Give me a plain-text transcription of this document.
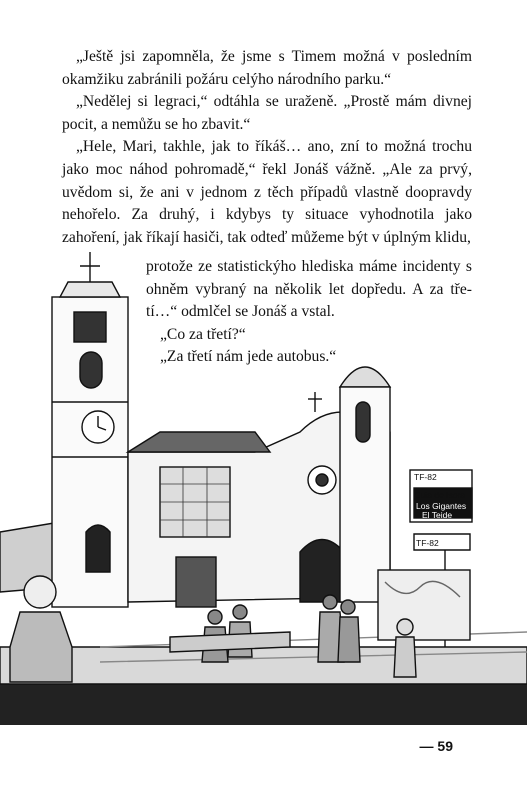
„Ještě jsi zapomněla, že jsme s Timem možná v posledním okamžiku zabránili požáru celýho národního parku.“

„Nedělej si legraci,“ odtáhla se uraženě. „Prostě mám divnej pocit, a nemůžu se ho zbavit.“

„Hele, Mari, takhle, jak to říkáš… ano, zní to možná trochu jako moc náhod pohromadě,“ řekl Jonáš vážně. „Ale za prvý, uvědom si, že ani v jednom z těch případů vlastně doopravdy nehořelo. Za druhý, i kdybys ty situace vyhodnotila jako zahoření, jak říkají hasiči, tak odteď můžeme být v úplným klidu,

protože ze statistickýho hlediska máme incidenty s ohněm vybraný na několik let dopředu. A za třetí…“ odmlčel se Jonáš a vstal.

„Co za třetí?“

„Za třetí nám jede autobus.“

TF-82
Guia de Isora
Los Gigantes
El Teide
TF-82
— 59
